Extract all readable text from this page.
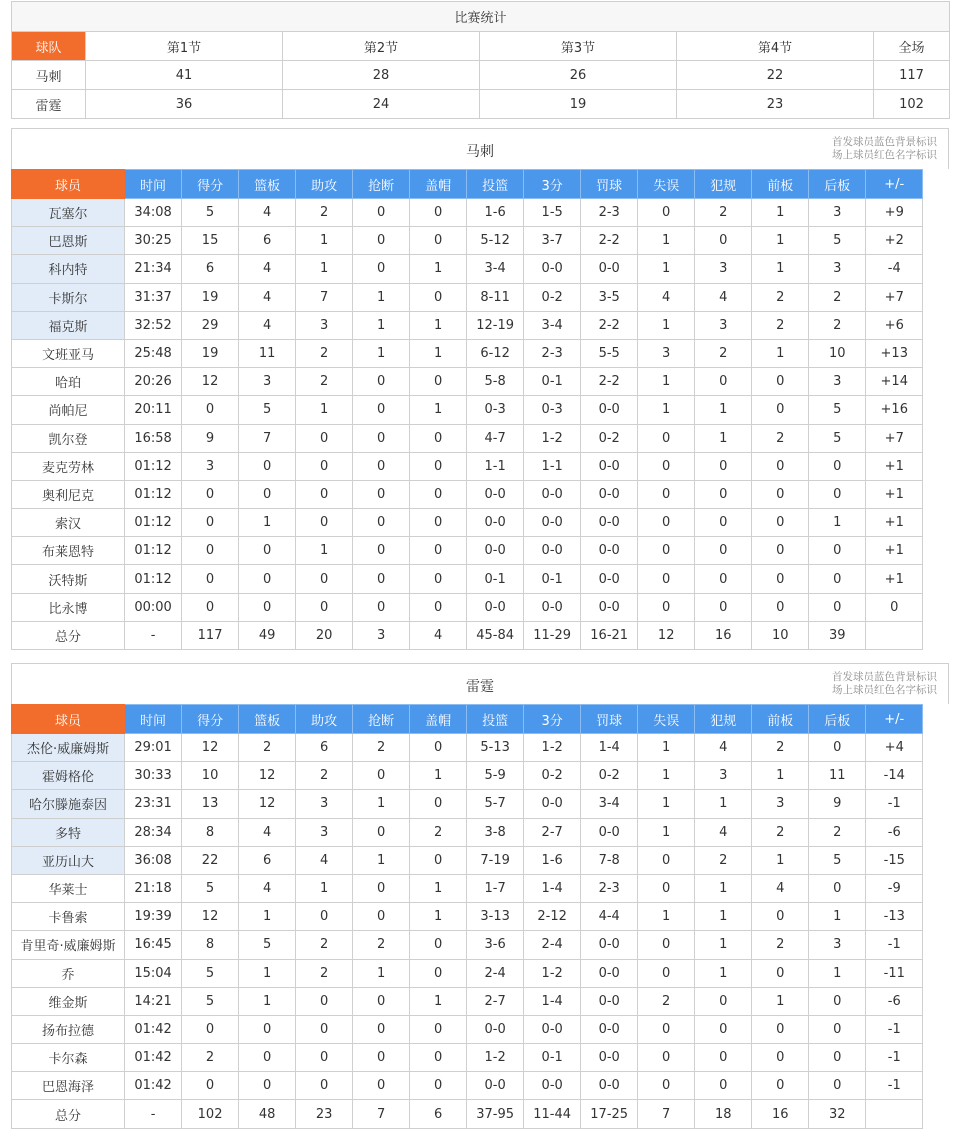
比赛统计					
球队	第1节	第2节	第3节	第4节	全场
马刺	41	28	26	22	117
雷霆	36	24	19	23	102
马刺
首发球员蓝色背景标识
场上球员红色名字标识
球员	时间	得分	篮板	助攻	抢断	盖帽	投篮	3分	罚球	失误	犯规	前板	后板	+/-	
瓦塞尔	34:08	5	4	2	0	0	1-6	1-5	2-3	0	2	1	3	+9	
巴恩斯	30:25	15	6	1	0	0	5-12	3-7	2-2	1	0	1	5	+2	
科内特	21:34	6	4	1	0	1	3-4	0-0	0-0	1	3	1	3	-4	
卡斯尔	31:37	19	4	7	1	0	8-11	0-2	3-5	4	4	2	2	+7	
福克斯	32:52	29	4	3	1	1	12-19	3-4	2-2	1	3	2	2	+6	
文班亚马	25:48	19	11	2	1	1	6-12	2-3	5-5	3	2	1	10	+13	
哈珀	20:26	12	3	2	0	0	5-8	0-1	2-2	1	0	0	3	+14	
尚帕尼	20:11	0	5	1	0	1	0-3	0-3	0-0	1	1	0	5	+16	
凯尔登	16:58	9	7	0	0	0	4-7	1-2	0-2	0	1	2	5	+7	
麦克劳林	01:12	3	0	0	0	0	1-1	1-1	0-0	0	0	0	0	+1	
奥利尼克	01:12	0	0	0	0	0	0-0	0-0	0-0	0	0	0	0	+1	
索汉	01:12	0	1	0	0	0	0-0	0-0	0-0	0	0	0	1	+1	
布莱恩特	01:12	0	0	1	0	0	0-0	0-0	0-0	0	0	0	0	+1	
沃特斯	01:12	0	0	0	0	0	0-1	0-1	0-0	0	0	0	0	+1	
比永博	00:00	0	0	0	0	0	0-0	0-0	0-0	0	0	0	0	0	
总分	-	117	49	20	3	4	45-84	11-29	16-21	12	16	10	39		
雷霆
首发球员蓝色背景标识
场上球员红色名字标识
球员	时间	得分	篮板	助攻	抢断	盖帽	投篮	3分	罚球	失误	犯规	前板	后板	+/-	
杰伦·威廉姆斯	29:01	12	2	6	2	0	5-13	1-2	1-4	1	4	2	0	+4	
霍姆格伦	30:33	10	12	2	0	1	5-9	0-2	0-2	1	3	1	11	-14	
哈尔滕施泰因	23:31	13	12	3	1	0	5-7	0-0	3-4	1	1	3	9	-1	
多特	28:34	8	4	3	0	2	3-8	2-7	0-0	1	4	2	2	-6	
亚历山大	36:08	22	6	4	1	0	7-19	1-6	7-8	0	2	1	5	-15	
华莱士	21:18	5	4	1	0	1	1-7	1-4	2-3	0	1	4	0	-9	
卡鲁索	19:39	12	1	0	0	1	3-13	2-12	4-4	1	1	0	1	-13	
肯里奇·威廉姆斯	16:45	8	5	2	2	0	3-6	2-4	0-0	0	1	2	3	-1	
乔	15:04	5	1	2	1	0	2-4	1-2	0-0	0	1	0	1	-11	
维金斯	14:21	5	1	0	0	1	2-7	1-4	0-0	2	0	1	0	-6	
扬布拉德	01:42	0	0	0	0	0	0-0	0-0	0-0	0	0	0	0	-1	
卡尔森	01:42	2	0	0	0	0	1-2	0-1	0-0	0	0	0	0	-1	
巴恩海泽	01:42	0	0	0	0	0	0-0	0-0	0-0	0	0	0	0	-1	
总分	-	102	48	23	7	6	37-95	11-44	17-25	7	18	16	32		
